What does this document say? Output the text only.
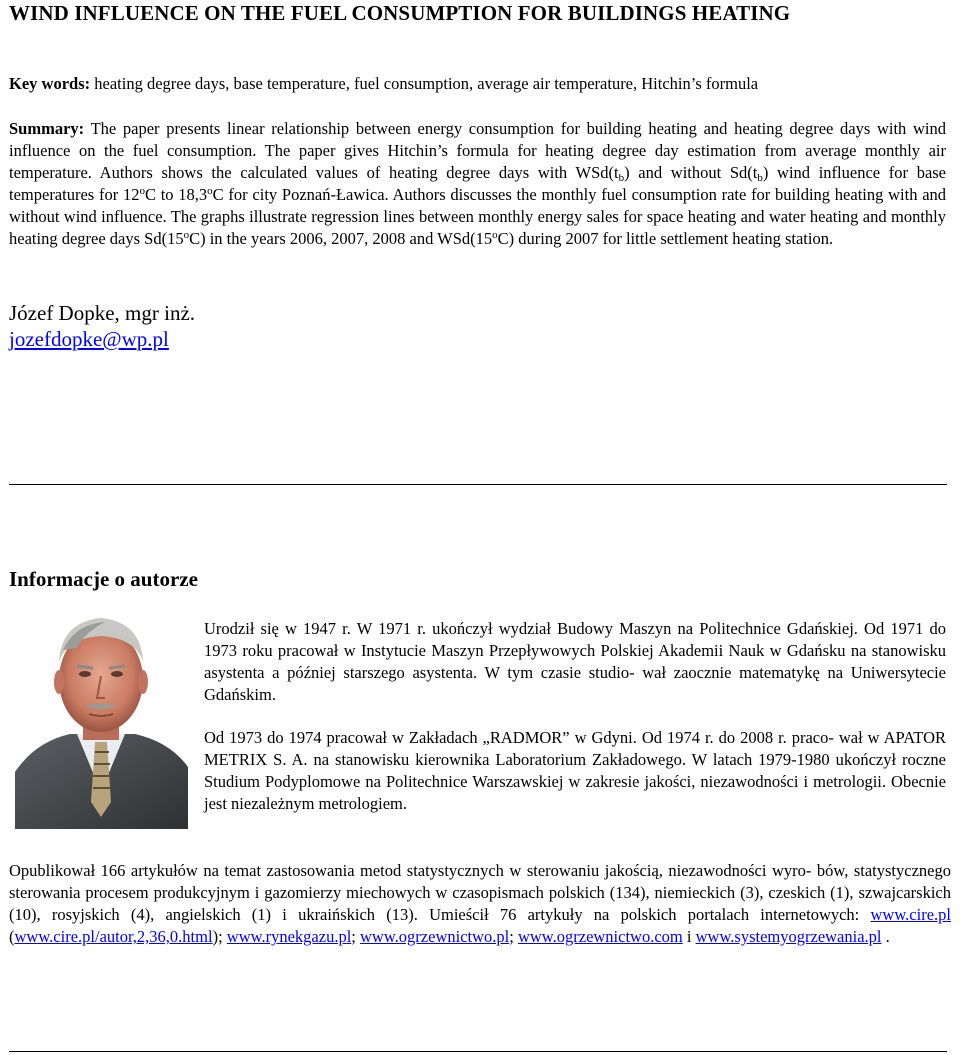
WIND INFLUENCE ON THE FUEL CONSUMPTION FOR BUILDINGS HEATING

Key words: heating degree days, base temperature, fuel consumption, average air temperature, Hitchin’s formula

Summary: The paper presents linear relationship between energy consumption for building heating and heating degree days with wind influence on the fuel consumption. The paper gives Hitchin’s formula for heating degree day estimation from average monthly air temperature. Authors shows the calculated values of heating degree days with $WSd(t_b)$ and without $Sd(t_b)$ wind influence for base temperatures for 12$^o$C to 18,3$^o$C for city Poznań-Ławica. Authors discusses the monthly fuel consumption rate for building heating with and without wind influence. The graphs illustrate regression lines between monthly energy sales for space heating and water heating and monthly heating degree days Sd(15$^o$C) in the years 2006, 2007, 2008 and WSd(15$^o$C) during 2007 for little settlement heating station.

Józef Dopke, mgr inż.

jozefdopke@wp.pl
Informacje o autorze

Urodził się w 1947 r. W 1971 r. ukończył wydział Budowy Maszyn na Politechnice Gdańskiej. Od 1971 do 1973 roku pracował w Instytucie Maszyn Przepływowych Polskiej Akademii Nauk w Gdańsku na stanowisku asystenta a później starszego asystenta. W tym czasie studio- wał zaocznie matematykę na Uniwersytecie Gdańskim.

Od 1973 do 1974 pracował w Zakładach „RADMOR” w Gdyni. Od 1974 r. do 2008 r. praco- wał w APATOR METRIX S. A. na stanowisku kierownika Laboratorium Zakładowego. W latach 1979-1980 ukończył roczne Studium Podyplomowe na Politechnice Warszawskiej w zakresie jakości, niezawodności i metrologii. Obecnie jest niezależnym metrologiem.

Opublikował 166 artykułów na temat zastosowania metod statystycznych w sterowaniu jakością, niezawodności wyro- bów, statystycznego sterowania procesem produkcyjnym i gazomierzy miechowych w czasopismach polskich (134), niemieckich (3), czeskich (1), szwajcarskich (10), rosyjskich (4), angielskich (1) i ukraińskich (13). Umieścił 76 artykuły na polskich portalach internetowych: www.cire.pl (www.cire.pl/autor,2,36,0.html); www.rynekgazu.pl; www.ogrzewnictwo.pl; www.ogrzewnictwo.com i www.systemyogrzewania.pl .
